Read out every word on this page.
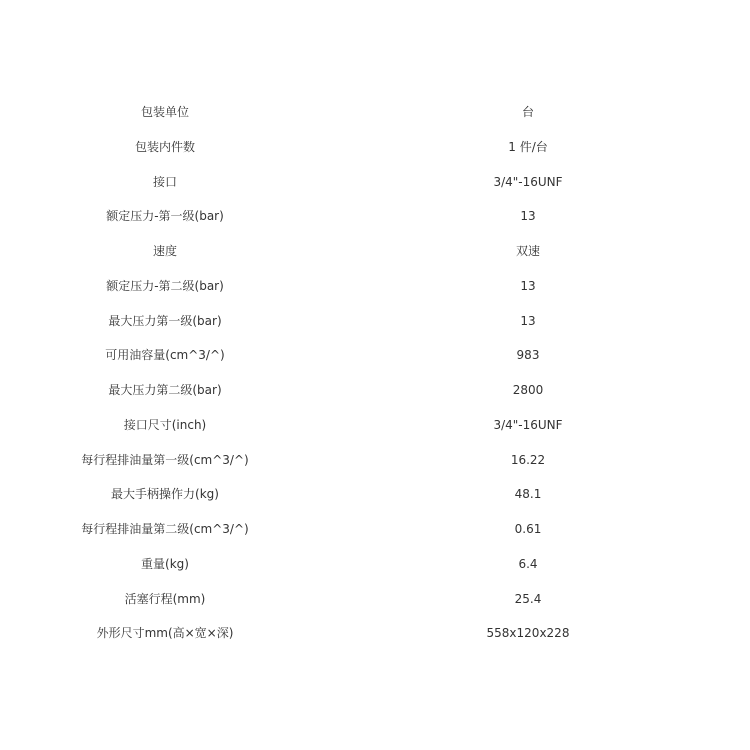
包装单位	台
包装内件数	1 件/台
接口	3/4"-16UNF
额定压力-第一级(bar)	13
速度	双速
额定压力-第二级(bar)	13
最大压力第一级(bar)	13
可用油容量(cm^3/^)	983
最大压力第二级(bar)	2800
接口尺寸(inch)	3/4"-16UNF
每行程排油量第一级(cm^3/^)	16.22
最大手柄操作力(kg)	48.1
每行程排油量第二级(cm^3/^)	0.61
重量(kg)	6.4
活塞行程(mm)	25.4
外形尺寸mm(高×宽×深)	558x120x228
